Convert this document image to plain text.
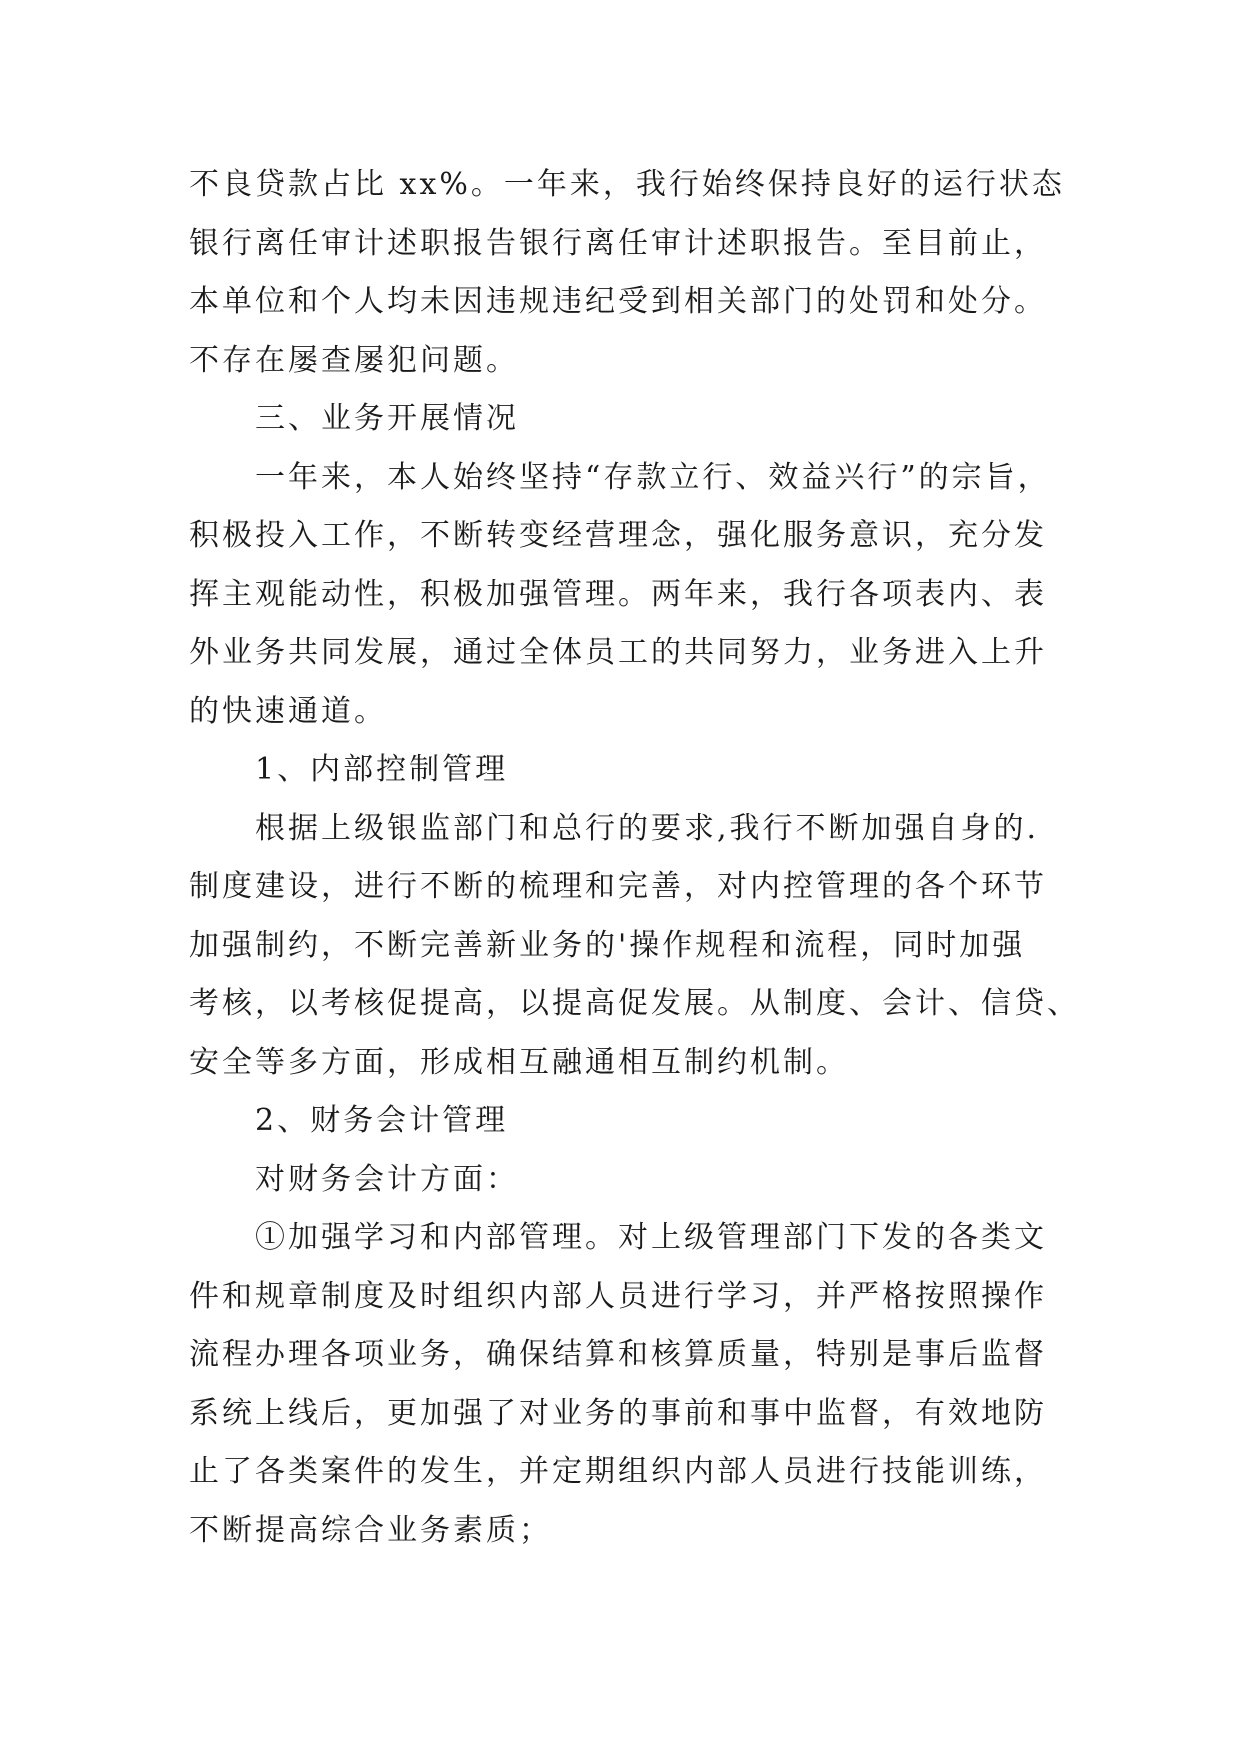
不良贷款占比 xx%。一年来，我行始终保持良好的运行状态
银行离任审计述职报告银行离任审计述职报告。至目前止，
本单位和个人均未因违规违纪受到相关部门的处罚和处分。
不存在屡查屡犯问题。
三、业务开展情况
一年来，本人始终坚持“存款立行、效益兴行”的宗旨，
积极投入工作，不断转变经营理念，强化服务意识，充分发
挥主观能动性，积极加强管理。两年来，我行各项表内、表
外业务共同发展，通过全体员工的共同努力，业务进入上升
的快速通道。
1、内部控制管理
根据上级银监部门和总行的要求,我行不断加强自身的.
制度建设，进行不断的梳理和完善，对内控管理的各个环节
加强制约，不断完善新业务的'操作规程和流程，同时加强
考核，以考核促提高，以提高促发展。从制度、会计、信贷、
安全等多方面，形成相互融通相互制约机制。
2、财务会计管理
对财务会计方面：
①加强学习和内部管理。对上级管理部门下发的各类文
件和规章制度及时组织内部人员进行学习，并严格按照操作
流程办理各项业务，确保结算和核算质量，特别是事后监督
系统上线后，更加强了对业务的事前和事中监督，有效地防
止了各类案件的发生，并定期组织内部人员进行技能训练，
不断提高综合业务素质；
